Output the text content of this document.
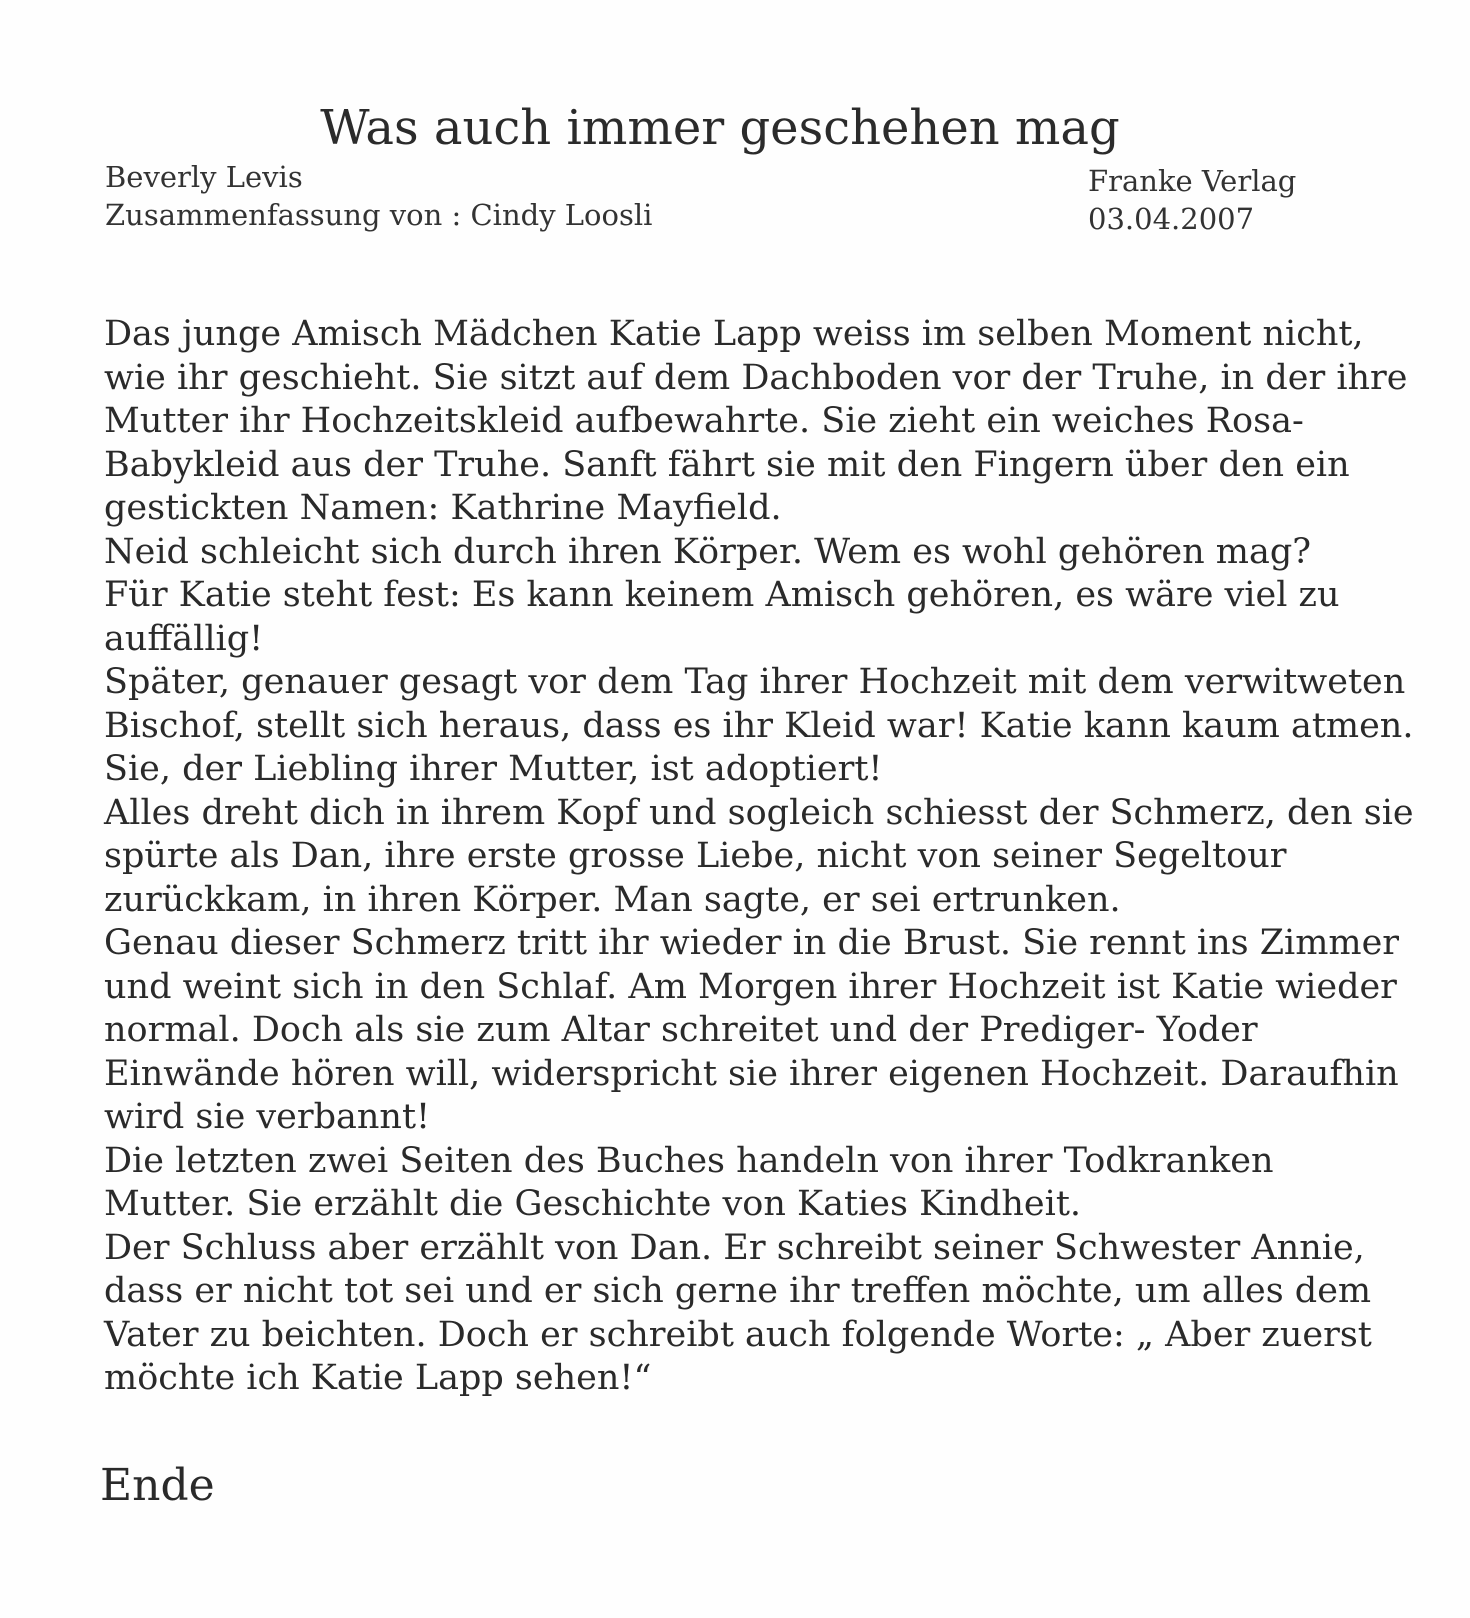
Was auch immer geschehen mag
Beverly Levis
Zusammenfassung von : Cindy Loosli
Franke Verlag
03.04.2007

Das junge Amisch Mädchen Katie Lapp weiss im selben Moment nicht, wie ihr geschieht. Sie sitzt auf dem Dachboden vor der Truhe, in der ihre Mutter ihr Hochzeitskleid aufbewahrte. Sie zieht ein weiches Rosa-Babykleid aus der Truhe. Sanft fährt sie mit den Fingern über den ein gestickten Namen: Kathrine Mayfield.

Neid schleicht sich durch ihren Körper. Wem es wohl gehören mag?

Für Katie steht fest: Es kann keinem Amisch gehören, es wäre viel zu auffällig!

Später, genauer gesagt vor dem Tag ihrer Hochzeit mit dem verwitweten Bischof, stellt sich heraus, dass es ihr Kleid war! Katie kann kaum atmen. Sie, der Liebling ihrer Mutter, ist adoptiert!

Alles dreht dich in ihrem Kopf und sogleich schiesst der Schmerz, den sie spürte als Dan, ihre erste grosse Liebe, nicht von seiner Segeltour zurückkam, in ihren Körper. Man sagte, er sei ertrunken.

Genau dieser Schmerz tritt ihr wieder in die Brust. Sie rennt ins Zimmer und weint sich in den Schlaf. Am Morgen ihrer Hochzeit ist Katie wieder normal. Doch als sie zum Altar schreitet und der Prediger- Yoder Einwände hören will, widerspricht sie ihrer eigenen Hochzeit. Daraufhin wird sie verbannt!

Die letzten zwei Seiten des Buches handeln von ihrer Todkranken Mutter. Sie erzählt die Geschichte von Katies Kindheit.

Der Schluss aber erzählt von Dan. Er schreibt seiner Schwester Annie, dass er nicht tot sei und er sich gerne ihr treffen möchte, um alles dem Vater zu beichten. Doch er schreibt auch folgende Worte: „ Aber zuerst möchte ich Katie Lapp sehen!“

Ende
